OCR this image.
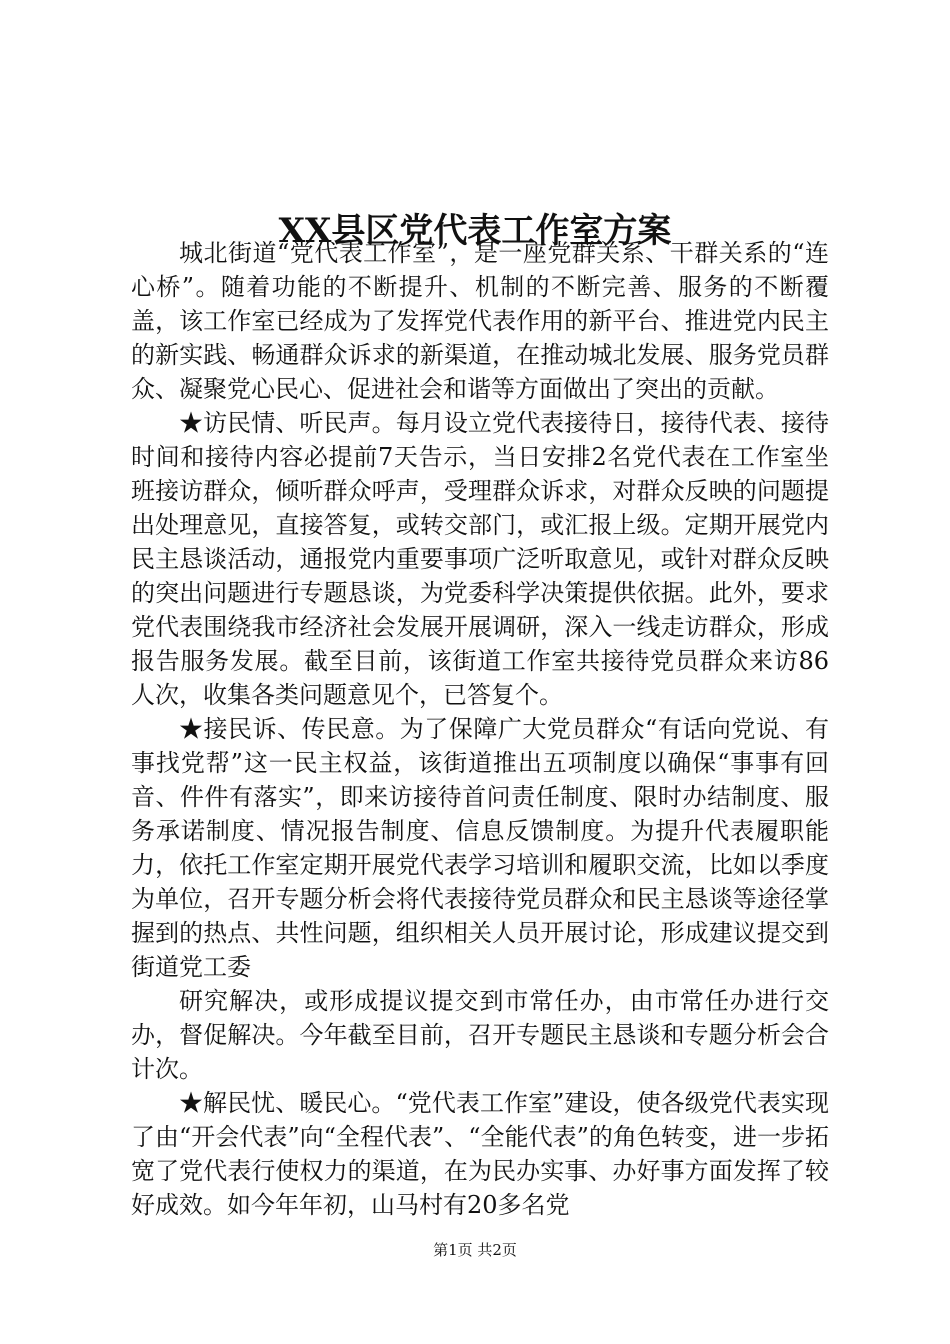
XX县区党代表工作室方案

城北街道“党代表工作室”，是一座党群关系、干群关系的“连心桥”。随着功能的不断提升、机制的不断完善、服务的不断覆盖，该工作室已经成为了发挥党代表作用的新平台、推进党内民主的新实践、畅通群众诉求的新渠道，在推动城北发展、服务党员群众、凝聚党心民心、促进社会和谐等方面做出了突出的贡献。

★访民情、听民声。每月设立党代表接待日，接待代表、接待时间和接待内容必提前7天告示，当日安排2名党代表在工作室坐班接访群众，倾听群众呼声，受理群众诉求，对群众反映的问题提出处理意见，直接答复，或转交部门，或汇报上级。定期开展党内民主恳谈活动，通报党内重要事项广泛听取意见，或针对群众反映的突出问题进行专题恳谈，为党委科学决策提供依据。此外，要求党代表围绕我市经济社会发展开展调研，深入一线走访群众，形成报告服务发展。截至目前，该街道工作室共接待党员群众来访86人次，收集各类问题意见个，已答复个。

★接民诉、传民意。为了保障广大党员群众“有话向党说、有事找党帮”这一民主权益，该街道推出五项制度以确保“事事有回音、件件有落实”，即来访接待首问责任制度、限时办结制度、服务承诺制度、情况报告制度、信息反馈制度。为提升代表履职能力，依托工作室定期开展党代表学习培训和履职交流，比如以季度为单位，召开专题分析会将代表接待党员群众和民主恳谈等途径掌握到的热点、共性问题，组织相关人员开展讨论，形成建议提交到街道党工委

研究解决，或形成提议提交到市常任办，由市常任办进行交办，督促解决。今年截至目前，召开专题民主恳谈和专题分析会合计次。

★解民忧、暖民心。“党代表工作室”建设，使各级党代表实现了由“开会代表”向“全程代表”、“全能代表”的角色转变，进一步拓宽了党代表行使权力的渠道，在为民办实事、办好事方面发挥了较好成效。如今年年初，山马村有20多名党

第1页 共2页
